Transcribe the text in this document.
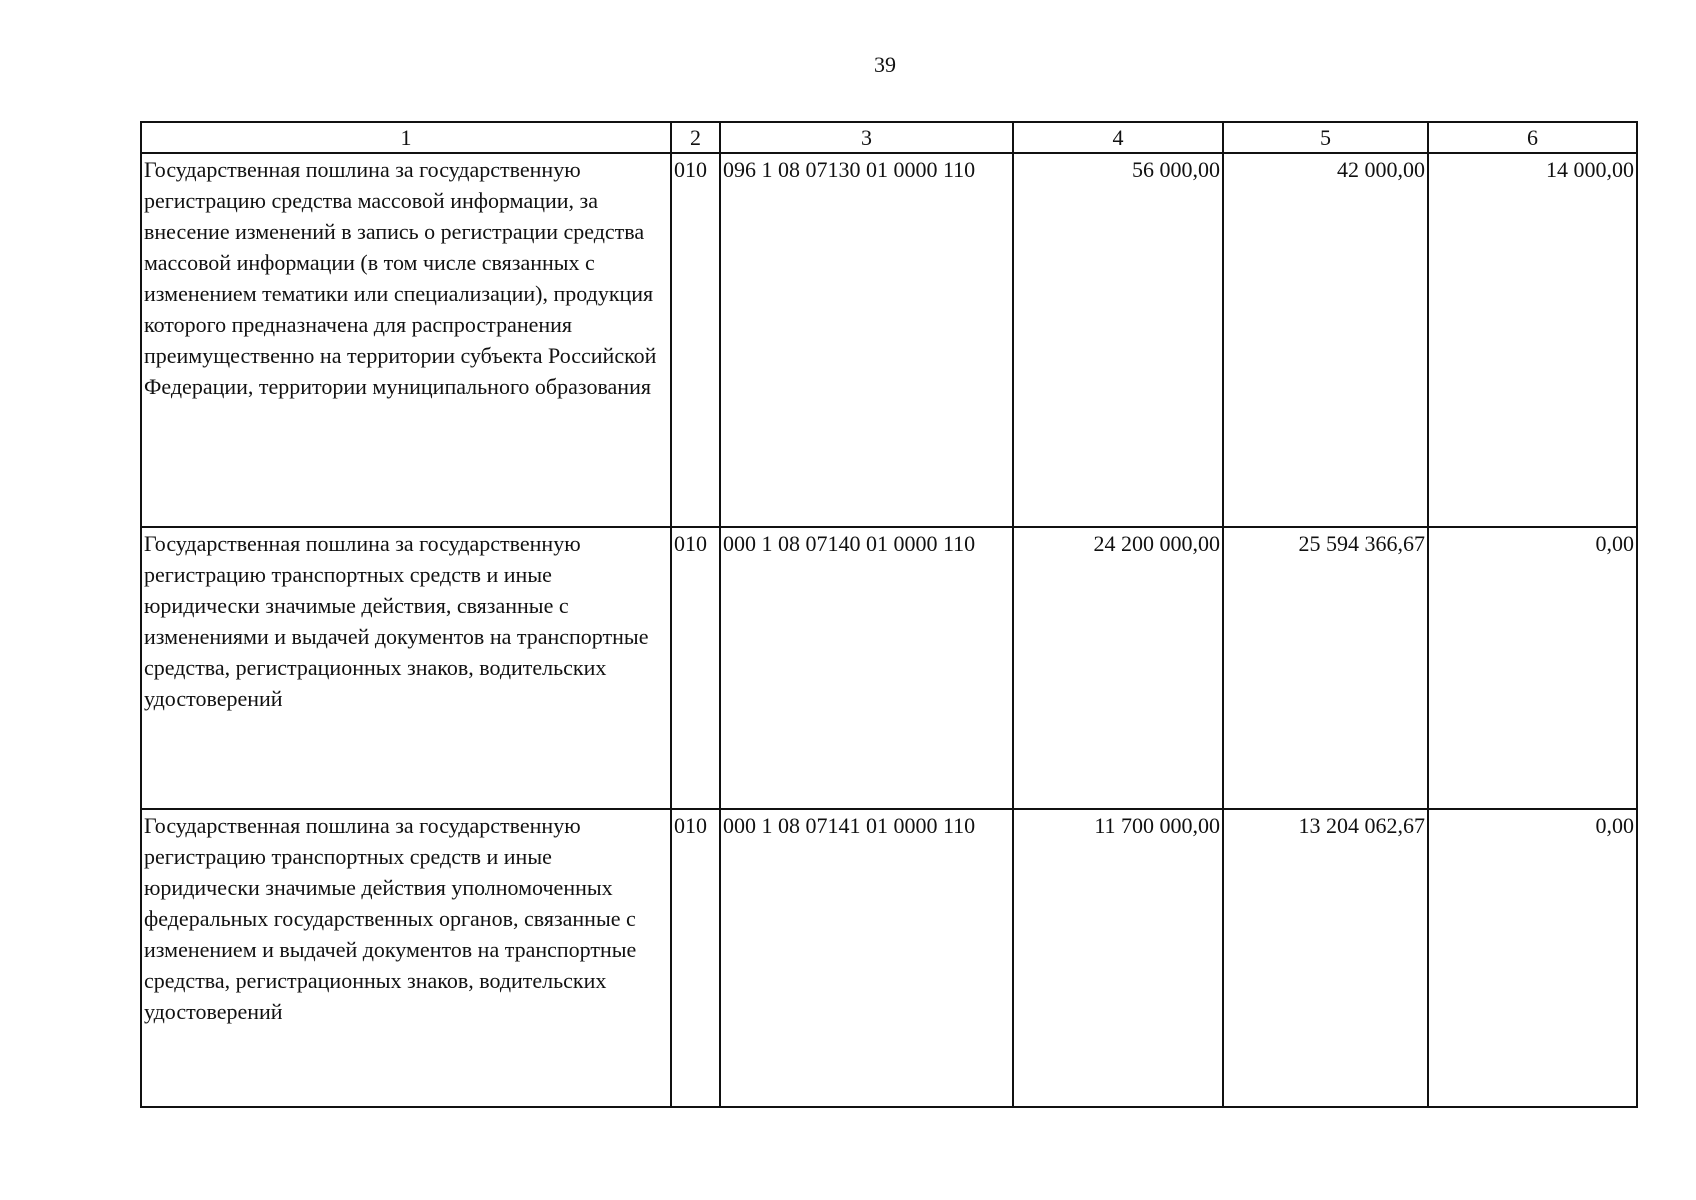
39
1	2	3	4	5	6
Государственная пошлина за государственную регистрацию средства массовой информации, за внесение изменений в запись о регистрации средства массовой информации (в том числе связанных с изменением тематики или специализации), продукция которого предназначена для распространения преимущественно на территории субъекта Российской Федерации, территории муниципального образования	010	096 1 08 07130 01 0000 110	56 000,00	42 000,00	14 000,00
Государственная пошлина за государственную регистрацию транспортных средств и иные юридически значимые действия, связанные с изменениями и выдачей документов на транспортные средства, регистрационных знаков, водительских удостоверений	010	000 1 08 07140 01 0000 110	24 200 000,00	25 594 366,67	0,00
Государственная пошлина за государственную регистрацию транспортных средств и иные юридически значимые действия уполномоченных федеральных государственных органов, связанные с изменением и выдачей документов на транспортные средства, регистрационных знаков, водительских удостоверений	010	000 1 08 07141 01 0000 110	11 700 000,00	13 204 062,67	0,00
